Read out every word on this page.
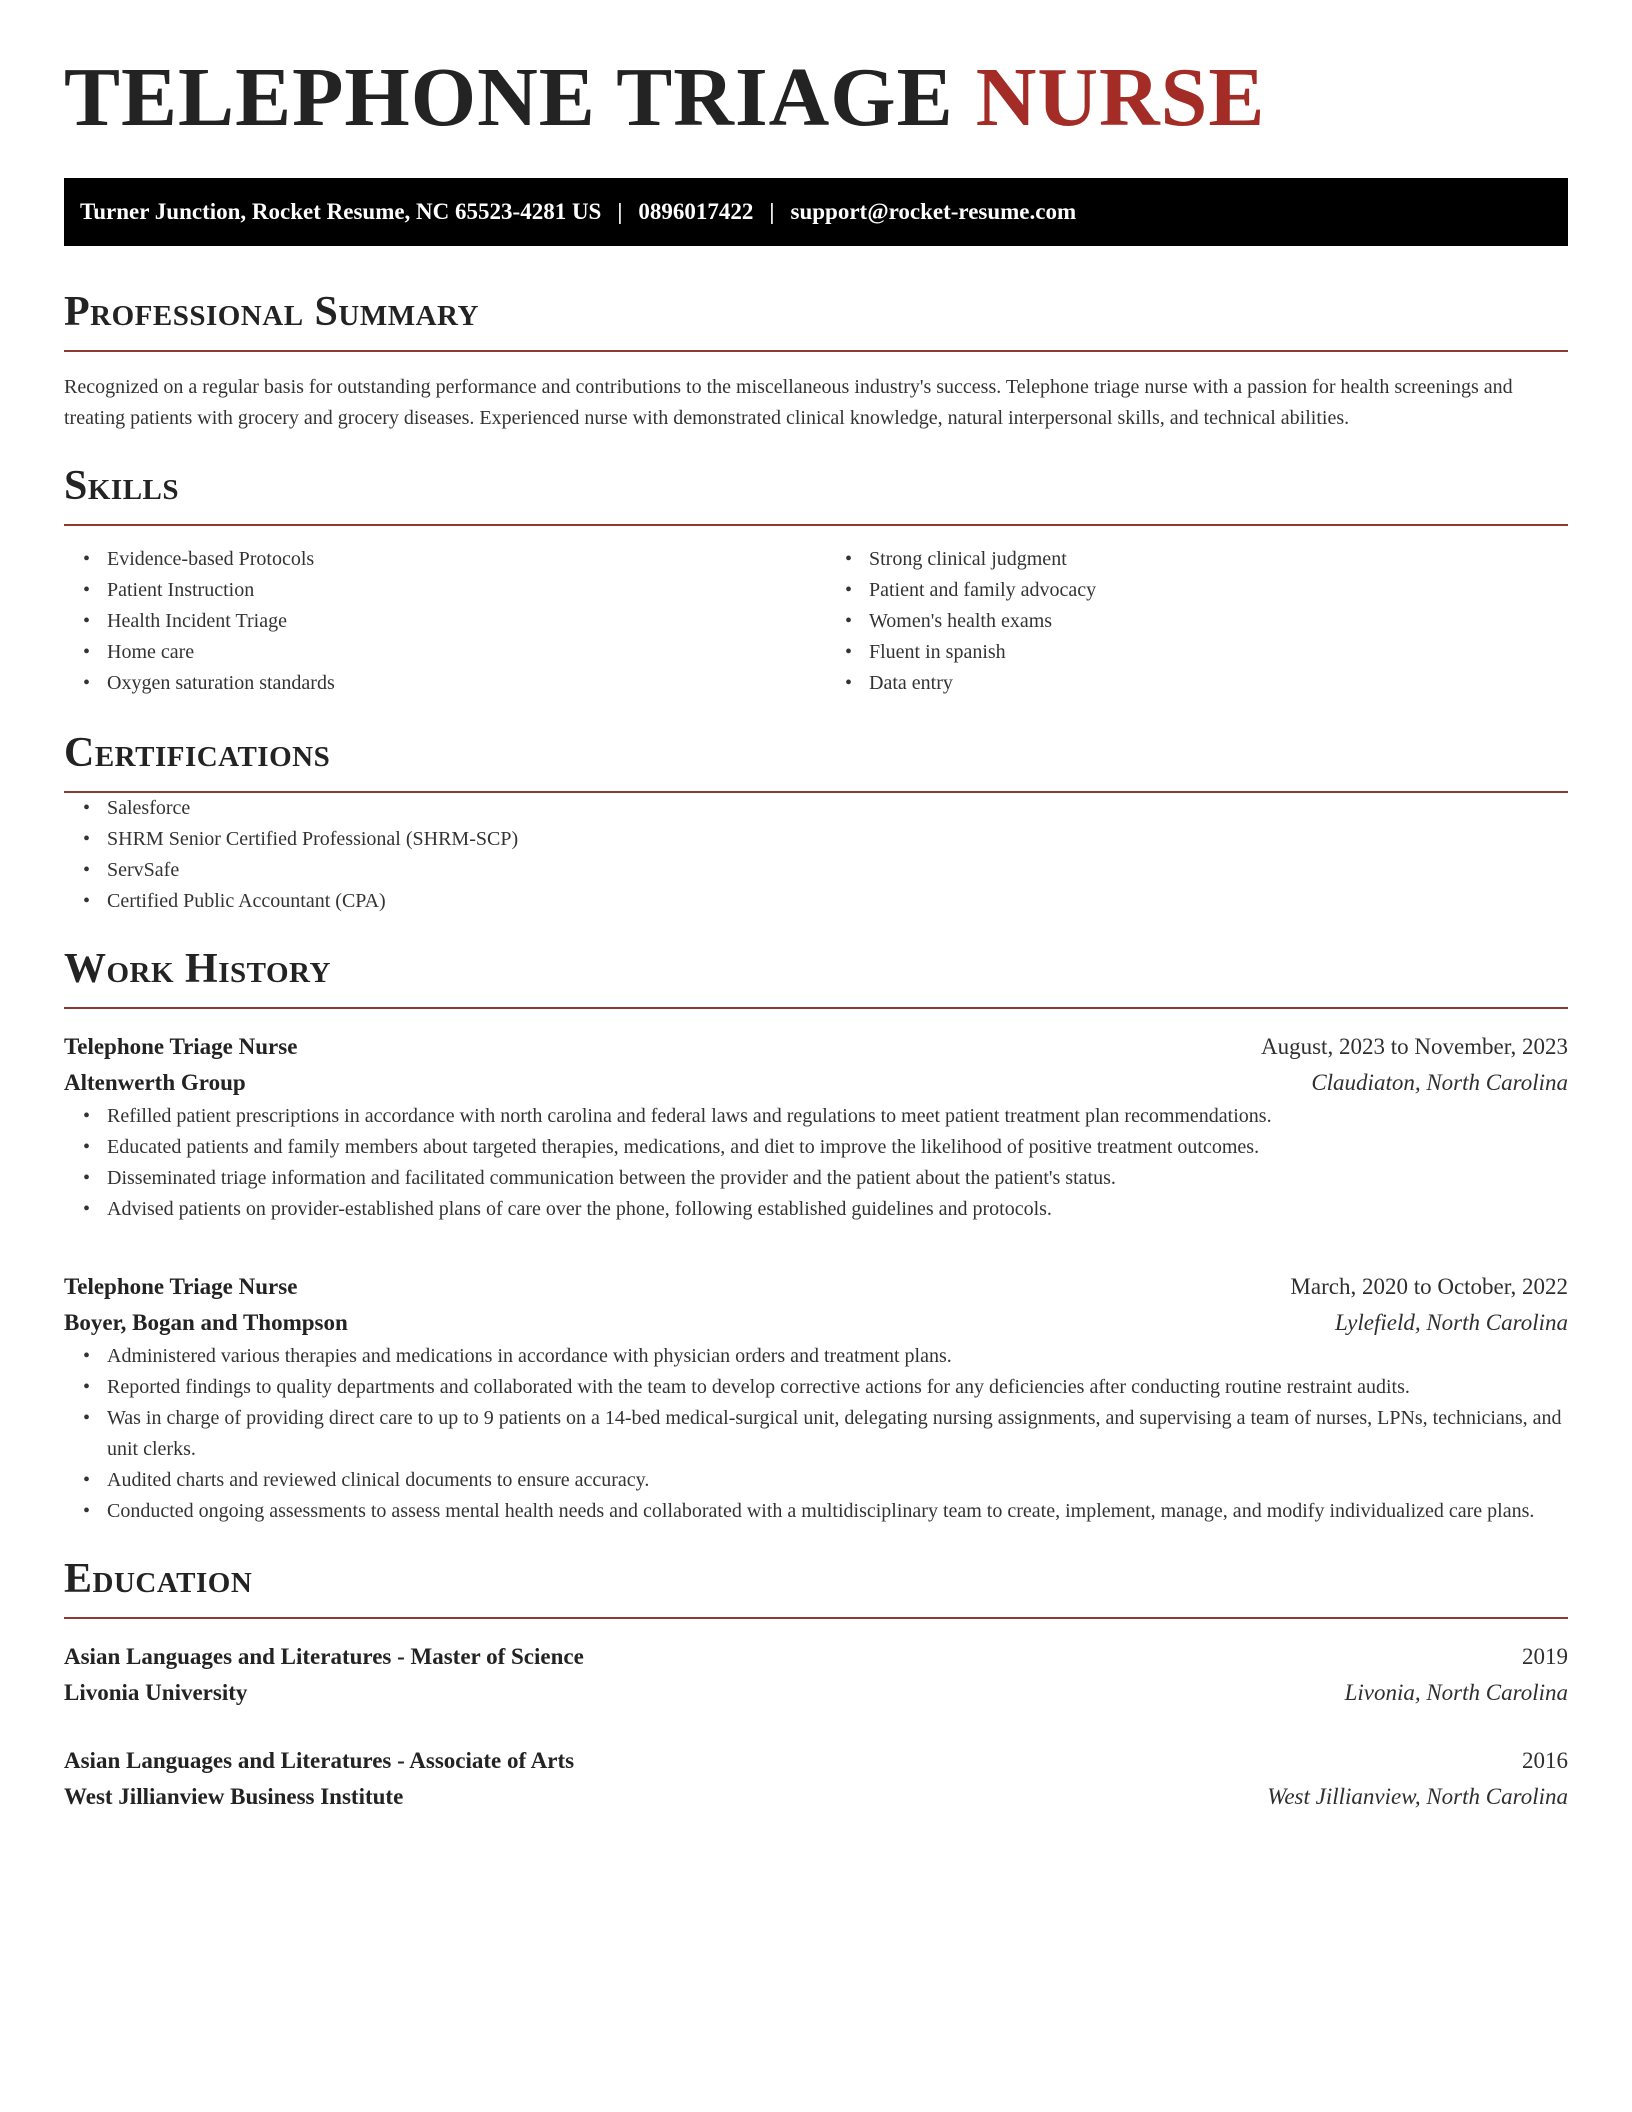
TELEPHONE TRIAGE NURSE
Turner Junction, Rocket Resume, NC 65523-4281 US | 0896017422 | support@rocket-resume.com
Professional Summary

Recognized on a regular basis for outstanding performance and contributions to the miscellaneous industry's success. Telephone triage nurse with a passion for health screenings and treating patients with grocery and grocery diseases. Experienced nurse with demonstrated clinical knowledge, natural interpersonal skills, and technical abilities.

Skills
• Evidence-based Protocols
• Patient Instruction
• Health Incident Triage
• Home care
• Oxygen saturation standards
• Strong clinical judgment
• Patient and family advocacy
• Women's health exams
• Fluent in spanish
• Data entry
Certifications
• Salesforce
• SHRM Senior Certified Professional (SHRM-SCP)
• ServSafe
• Certified Public Accountant (CPA)
Work History
Telephone Triage Nurse	August, 2023 to November, 2023
Altenwerth Group	Claudiaton, North Carolina
• Refilled patient prescriptions in accordance with north carolina and federal laws and regulations to meet patient treatment plan recommendations.
• Educated patients and family members about targeted therapies, medications, and diet to improve the likelihood of positive treatment outcomes.
• Disseminated triage information and facilitated communication between the provider and the patient about the patient's status.
• Advised patients on provider-established plans of care over the phone, following established guidelines and protocols.
Telephone Triage Nurse	March, 2020 to October, 2022
Boyer, Bogan and Thompson	Lylefield, North Carolina
• Administered various therapies and medications in accordance with physician orders and treatment plans.
• Reported findings to quality departments and collaborated with the team to develop corrective actions for any deficiencies after conducting routine restraint audits.
• Was in charge of providing direct care to up to 9 patients on a 14-bed medical-surgical unit, delegating nursing assignments, and supervising a team of nurses, LPNs, technicians, and unit clerks.
• Audited charts and reviewed clinical documents to ensure accuracy.
• Conducted ongoing assessments to assess mental health needs and collaborated with a multidisciplinary team to create, implement, manage, and modify individualized care plans.
Education
Asian Languages and Literatures - Master of Science	2019
Livonia University	Livonia, North Carolina
Asian Languages and Literatures - Associate of Arts	2016
West Jillianview Business Institute	West Jillianview, North Carolina
